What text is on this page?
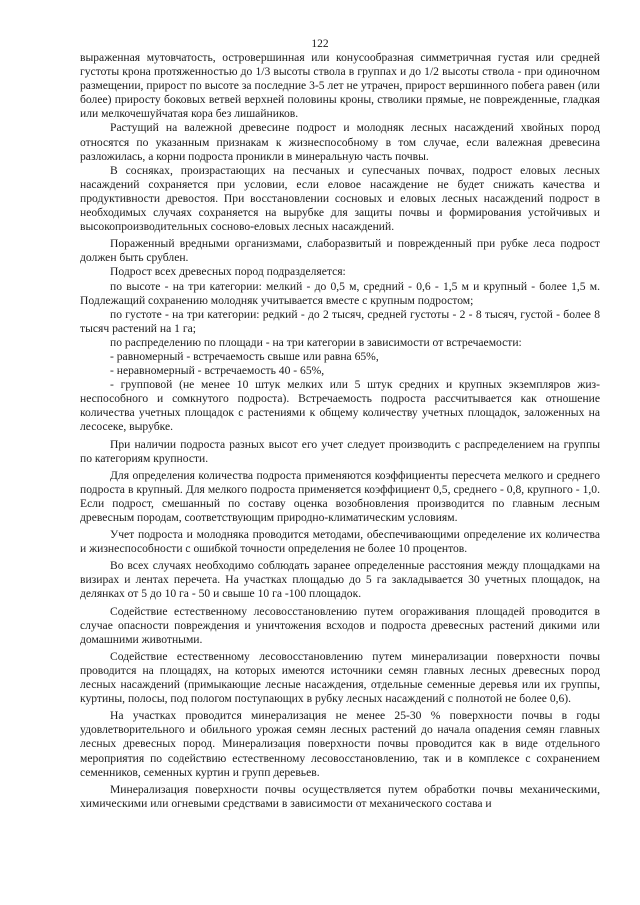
122

выраженная мутовчатость, островершинная или конусообразная симметричная густая или средней густоты крона протяженностью до 1/3 высоты ствола в группах и до 1/2 высоты ствола - при одиночном размещении, прирост по высоте за последние 3-5 лет не утрачен, прирост вершинного побега равен (или более) приросту боковых ветвей верхней половины кроны, стволики прямые, не поврежденные, гладкая или мелкочешуйчатая кора без лишайников.

Растущий на валежной древесине подрост и молодняк лесных насаждений хвойных пород относятся по указанным признакам к жизнеспособному в том случае, если валежная древесина разложилась, а корни подроста проникли в минеральную часть почвы.

В сосняках, произрастающих на песчаных и супесчаных почвах, подрост еловых лесных насаждений сохраняется при условии, если еловое насаждение не будет снижать качества и продуктивности древостоя. При восстановлении сосновых и еловых лесных насаждений подрост в необходимых случаях сохраняется на вырубке для защиты почвы и формирования устойчивых и высокопроизводительных сосново-еловых лесных насаждений.

Пораженный вредными организмами, слаборазвитый и поврежденный при рубке леса подрост должен быть срублен.

Подрост всех древесных пород подразделяется:

по высоте - на три категории: мелкий - до 0,5 м, средний - 0,6 - 1,5 м и крупный - более 1,5 м. Подлежащий сохранению молодняк учитывается вместе с крупным подростом;

по густоте - на три категории: редкий - до 2 тысяч, средней густоты - 2 - 8 тысяч, густой - более 8 тысяч растений на 1 га;

по распределению по площади - на три категории в зависимости от встречаемости:

- равномерный - встречаемость свыше или равна 65%,

- неравномерный - встречаемость 40 - 65%,

- групповой (не менее 10 штук мелких или 5 штук средних и крупных экземпляров жизнеспособного и сомкнутого подроста). Встречаемость подроста рассчитывается как отношение количества учетных площадок с растениями к общему количеству учетных площадок, заложенных на лесосеке, вырубке.

При наличии подроста разных высот его учет следует производить с распределением на группы по категориям крупности.

Для определения количества подроста применяются коэффициенты пересчета мелкого и среднего подроста в крупный. Для мелкого подроста применяется коэффициент 0,5, среднего - 0,8, крупного - 1,0. Если подрост, смешанный по составу оценка возобновления производится по главным лесным древесным породам, соответствующим природно-климатическим условиям.

Учет подроста и молодняка проводится методами, обеспечивающими определение их количества и жизнеспособности с ошибкой точности определения не более 10 процентов.

Во всех случаях необходимо соблюдать заранее определенные расстояния между площадками на визирах и лентах перечета. На участках площадью до 5 га закладывается 30 учетных площадок, на делянках от 5 до 10 га - 50 и свыше 10 га -100 площадок.

Содействие естественному лесовосстановлению путем огораживания площадей проводится в случае опасности повреждения и уничтожения всходов и подроста древесных растений дикими или домашними животными.

Содействие естественному лесовосстановлению путем минерализации поверхности почвы проводится на площадях, на которых имеются источники семян главных лесных древесных пород лесных насаждений (примыкающие лесные насаждения, отдельные семенные деревья или их группы, куртины, полосы, под пологом поступающих в рубку лесных насаждений с полнотой не более 0,6).

На участках проводится минерализация не менее 25-30 % поверхности почвы в годы удовлетворительного и обильного урожая семян лесных растений до начала опадения семян главных лесных древесных пород. Минерализация поверхности почвы проводится как в виде отдельного мероприятия по содействию естественному лесовосстановлению, так и в комплексе с сохранением семенников, семенных куртин и групп деревьев.

Минерализация поверхности почвы осуществляется путем обработки почвы механическими, химическими или огневыми средствами в зависимости от механического состава и
